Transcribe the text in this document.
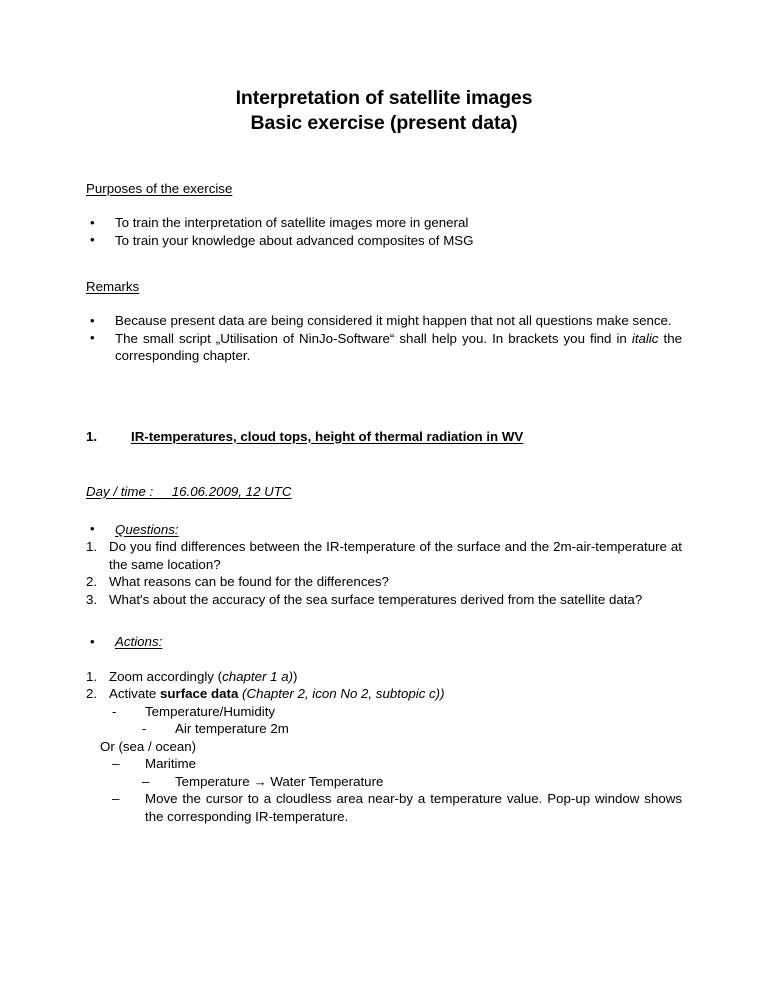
Interpretation of satellite images
Basic exercise (present data)
Purposes of the exercise
• To train the interpretation of satellite images more in general
• To train your knowledge about advanced composites of MSG
Remarks
• Because present data are being considered it might happen that not all questions make sence.
• The small script „Utilisation of NinJo-Software“ shall help you. In brackets you find in italic the corresponding chapter.
1.	IR-temperatures, cloud tops, height of thermal radiation in WV
Day / time : 16.06.2009, 12 UTC
• Questions:
Do you find differences between the IR-temperature of the surface and the 2m-air-temperature at the same location?
What reasons can be found for the differences?
What's about the accuracy of the sea surface temperatures derived from the satellite data?
• Actions:
Zoom accordingly (chapter 1 a))
Activate surface data (Chapter 2, icon No 2, subtopic c))
- Temperature/Humidity
- Air temperature 2m
Or (sea / ocean)
– Maritime
– Temperature → Water Temperature
– Move the cursor to a cloudless area near-by a temperature value. Pop-up window shows the corresponding IR-temperature.
